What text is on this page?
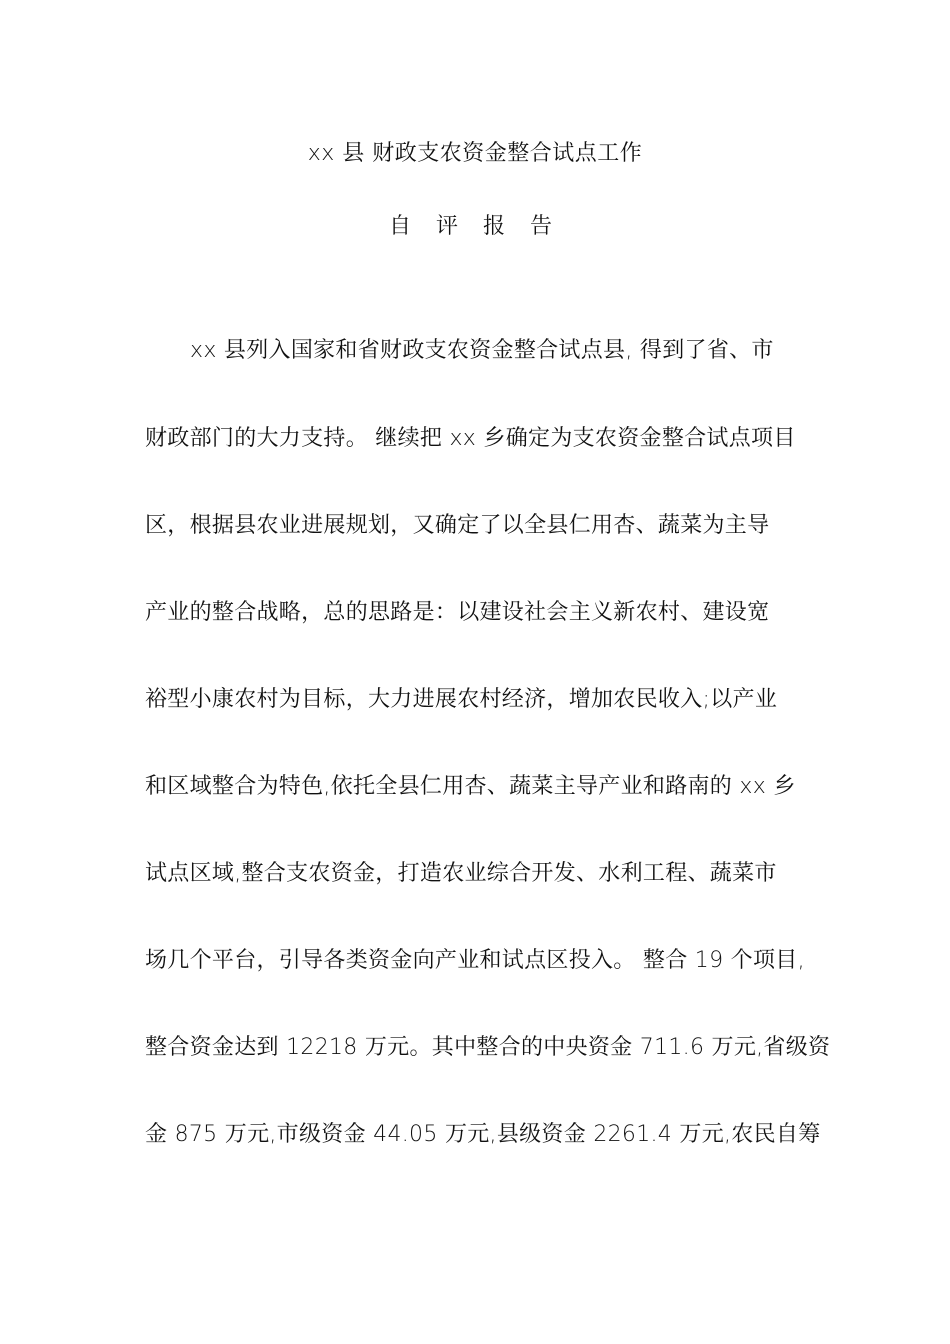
xx 县 财政支农资金整合试点工作
自 评 报 告
xx 县列入国家和省财政支农资金整合试点县, 得到了省、市
财政部门的大力支持。 继续把 xx 乡确定为支农资金整合试点项目
区，根据县农业进展规划，又确定了以全县仁用杏、蔬菜为主导
产业的整合战略，总的思路是：以建设社会主义新农村、建设宽
裕型小康农村为目标，大力进展农村经济，增加农民收入;以产业
和区域整合为特色,依托全县仁用杏、蔬菜主导产业和路南的 xx 乡
试点区域,整合支农资金，打造农业综合开发、水利工程、蔬菜市
场几个平台，引导各类资金向产业和试点区投入。 整合 19 个项目,
整合资金达到 12218 万元。其中整合的中央资金 711.6 万元,省级资
金 875 万元,市级资金 44.05 万元,县级资金 2261.4 万元,农民自筹
